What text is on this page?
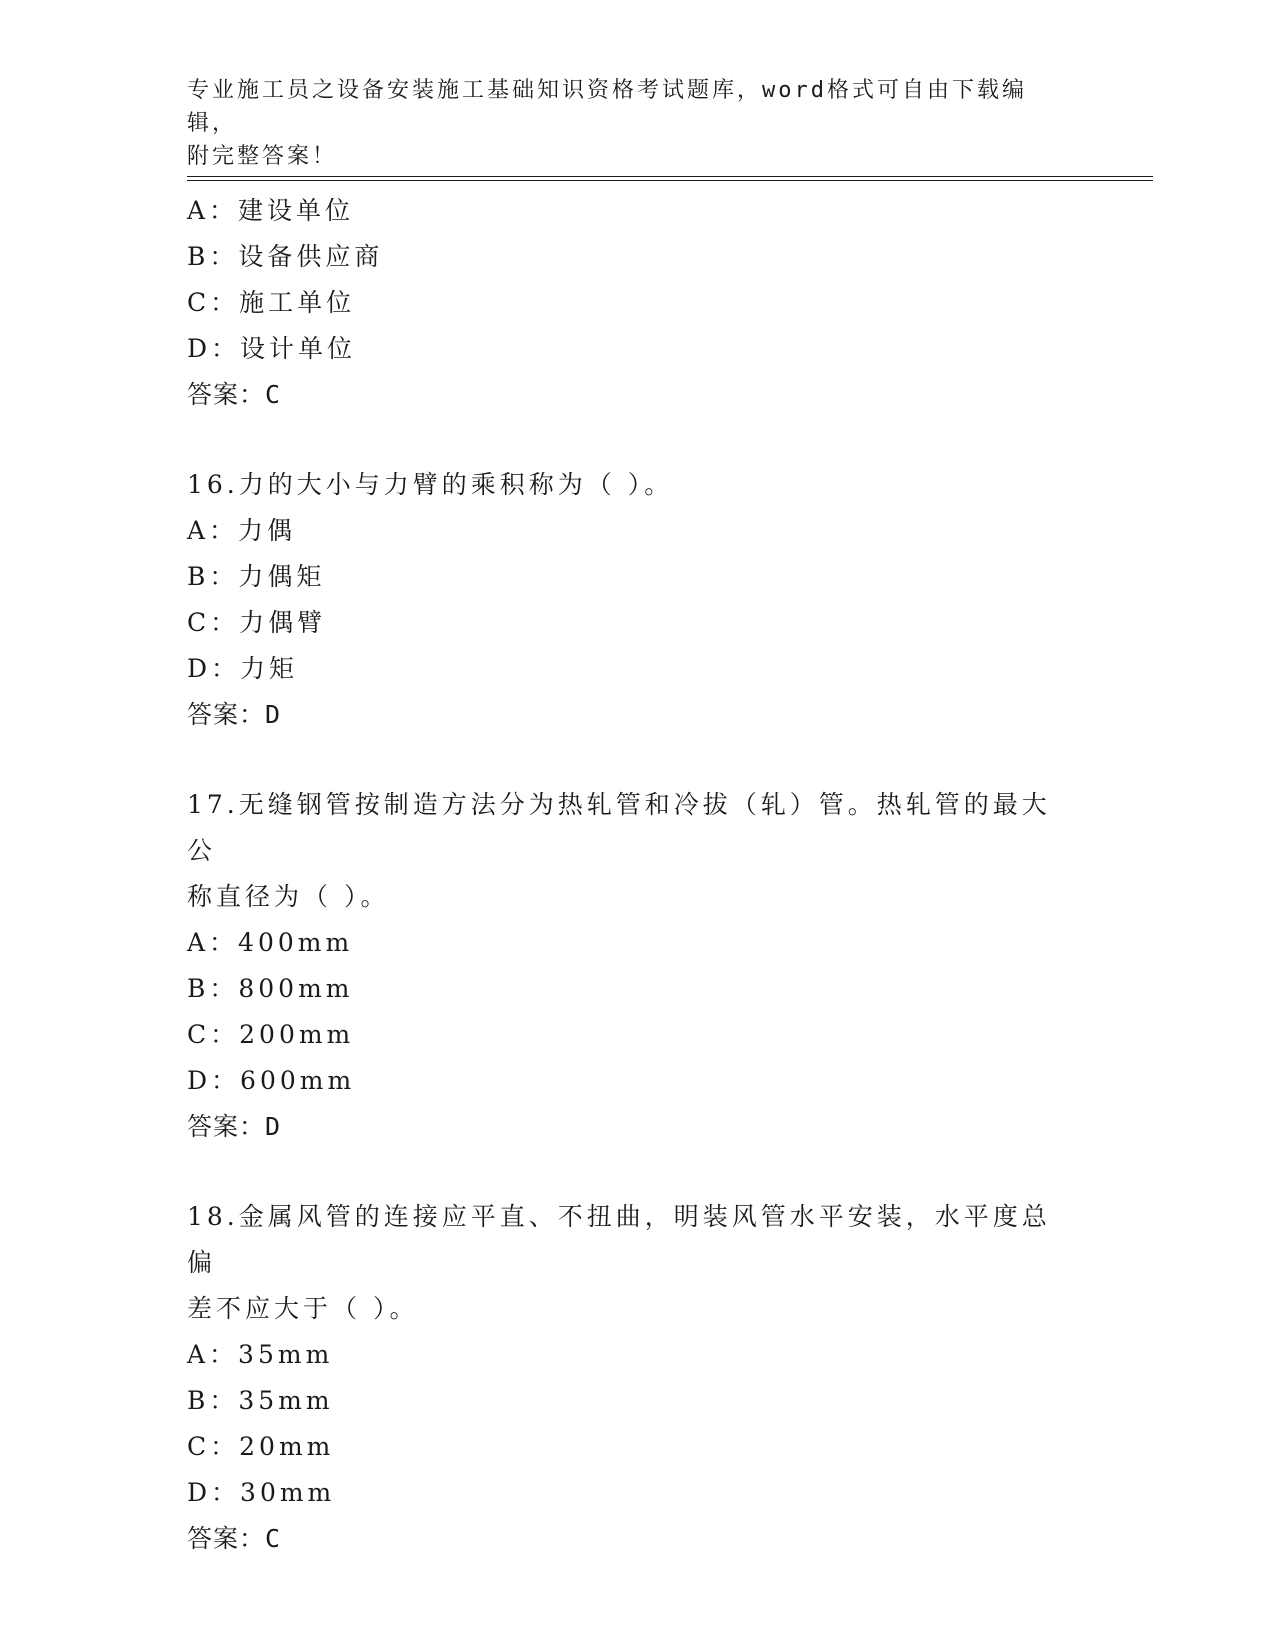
专业施工员之设备安装施工基础知识资格考试题库，word格式可自由下载编辑，
附完整答案！
A：建设单位
B：设备供应商
C：施工单位
D：设计单位
答案：C
16.力的大小与力臂的乘积称为（ ）。
A：力偶
B：力偶矩
C：力偶臂
D：力矩
答案：D
17.无缝钢管按制造方法分为热轧管和冷拔（轧）管。热轧管的最大公
称直径为（ ）。
A：400mm
B：800mm
C：200mm
D：600mm
答案：D
18.金属风管的连接应平直、不扭曲，明装风管水平安装，水平度总偏
差不应大于（ ）。
A：35mm
B：35mm
C：20mm
D：30mm
答案：C
